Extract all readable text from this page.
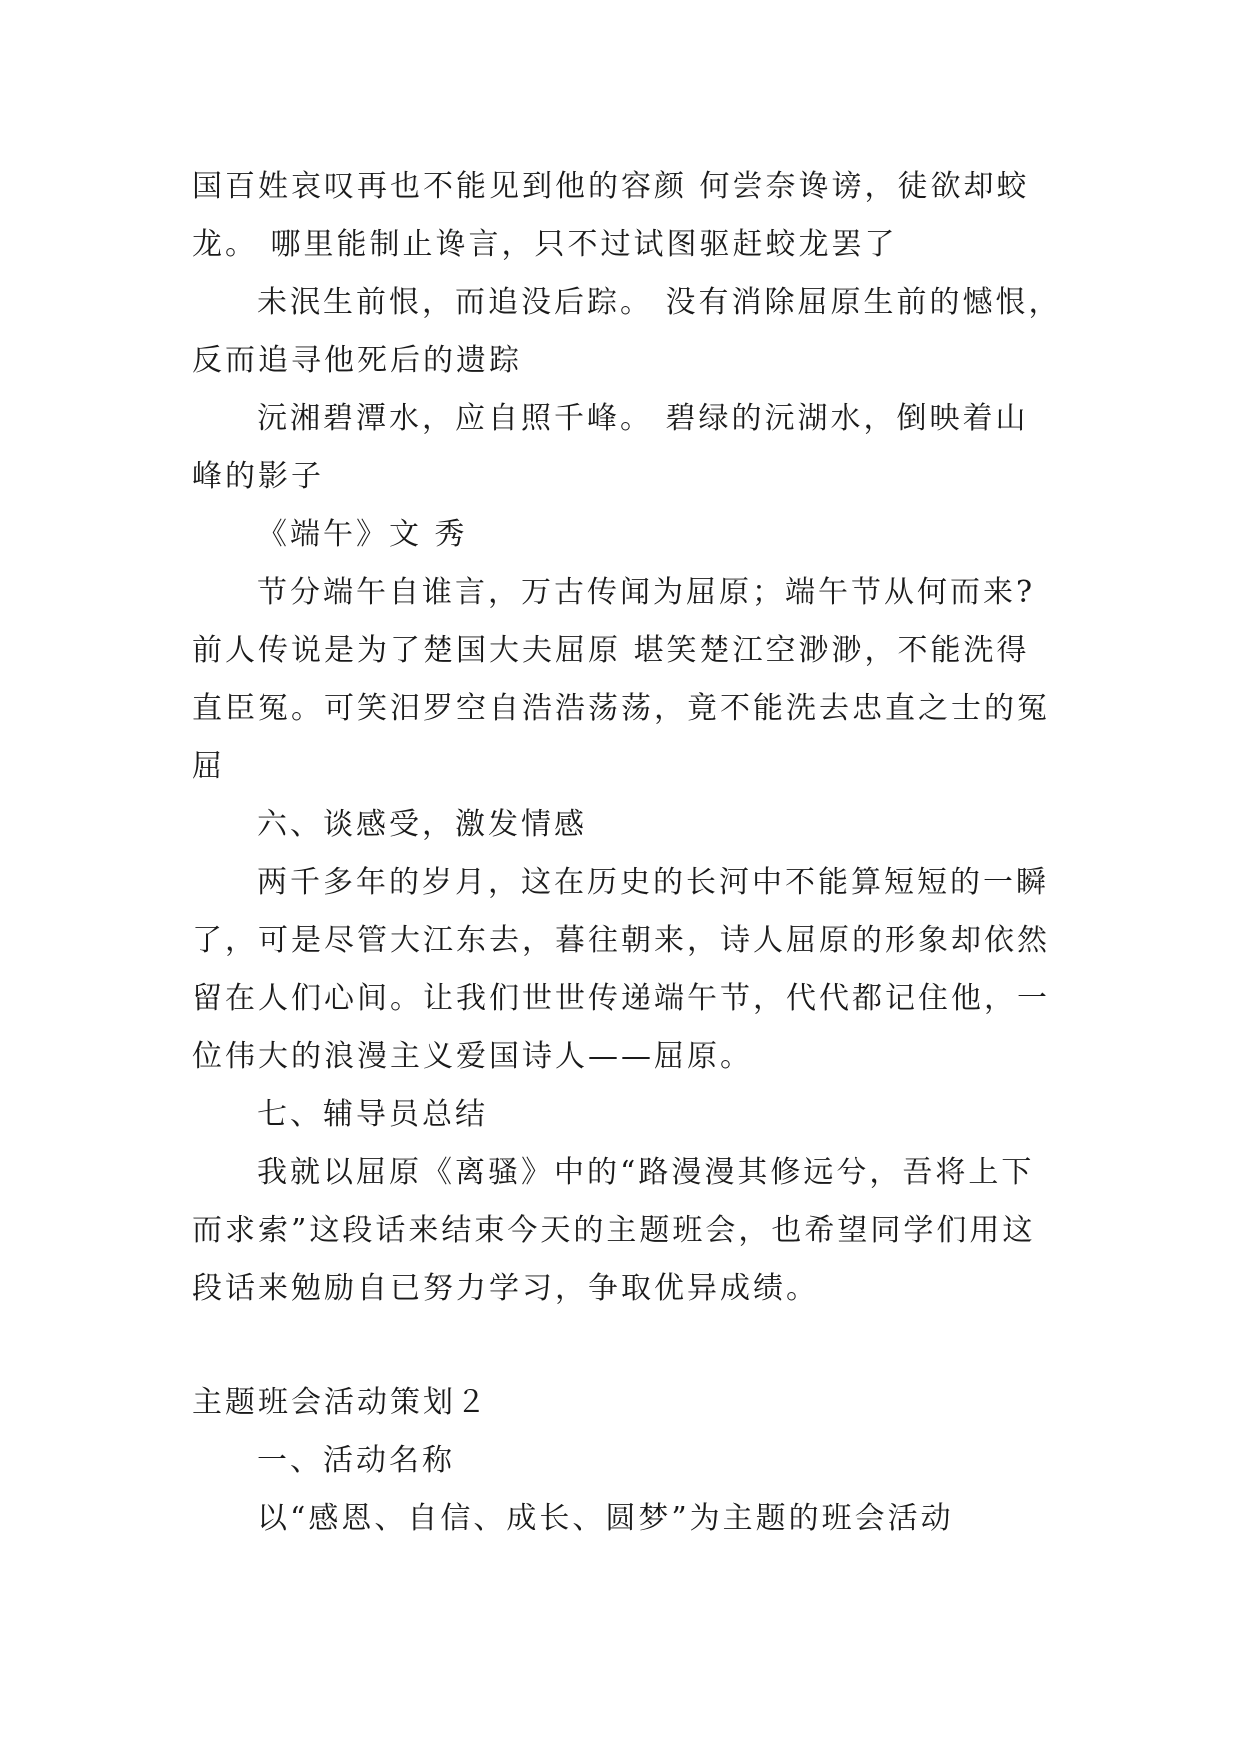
国百姓哀叹再也不能见到他的容颜 何尝奈谗谤，徒欲却蛟

龙。 哪里能制止谗言，只不过试图驱赶蛟龙罢了

未泯生前恨，而追没后踪。 没有消除屈原生前的憾恨，

反而追寻他死后的遗踪

沅湘碧潭水，应自照千峰。 碧绿的沅湖水，倒映着山

峰的影子

《端午》文 秀

节分端午自谁言，万古传闻为屈原；端午节从何而来?

前人传说是为了楚国大夫屈原 堪笑楚江空渺渺，不能洗得

直臣冤。可笑汨罗空自浩浩荡荡，竟不能洗去忠直之士的冤

屈

六、谈感受，激发情感

两千多年的岁月，这在历史的长河中不能算短短的一瞬

了，可是尽管大江东去，暮往朝来，诗人屈原的形象却依然

留在人们心间。让我们世世传递端午节，代代都记住他，一

位伟大的浪漫主义爱国诗人——屈原。

七、辅导员总结

我就以屈原《离骚》中的“路漫漫其修远兮，吾将上下

而求索”这段话来结束今天的主题班会，也希望同学们用这

段话来勉励自已努力学习，争取优异成绩。

主题班会活动策划２

一、活动名称

以“感恩、自信、成长、圆梦”为主题的班会活动
